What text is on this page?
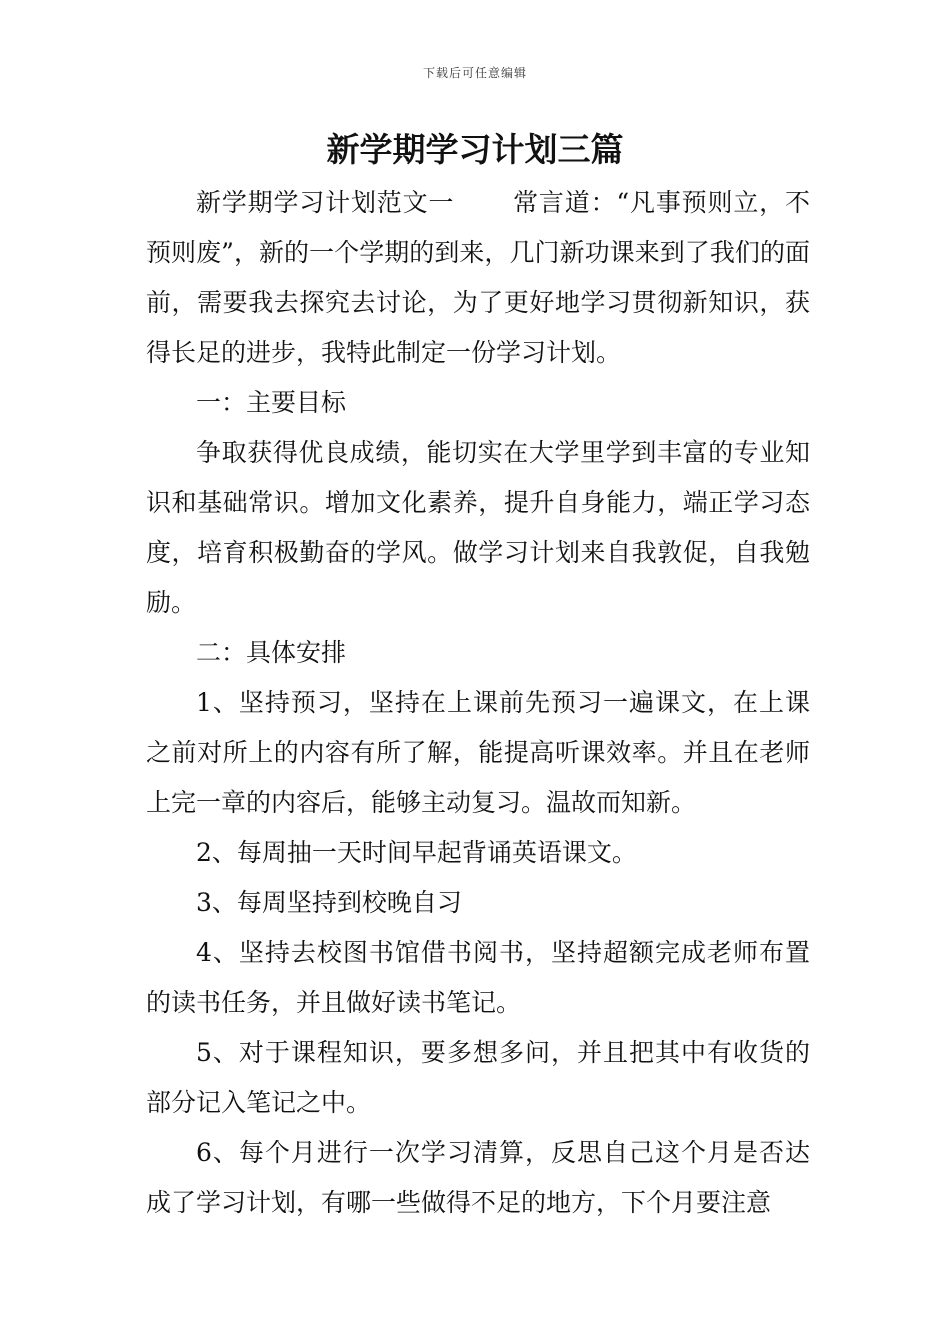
下载后可任意编辑
新学期学习计划三篇

新学期学习计划范文一 常言道：“凡事预则立，不预则废”，新的一个学期的到来，几门新功课来到了我们的面前，需要我去探究去讨论，为了更好地学习贯彻新知识，获得长足的进步，我特此制定一份学习计划。

一：主要目标

争取获得优良成绩，能切实在大学里学到丰富的专业知识和基础常识。增加文化素养，提升自身能力，端正学习态度，培育积极勤奋的学风。做学习计划来自我敦促，自我勉励。

二：具体安排

1、坚持预习，坚持在上课前先预习一遍课文，在上课之前对所上的内容有所了解，能提高听课效率。并且在老师上完一章的内容后，能够主动复习。温故而知新。

2、每周抽一天时间早起背诵英语课文。

3、每周坚持到校晚自习

4、坚持去校图书馆借书阅书，坚持超额完成老师布置的读书任务，并且做好读书笔记。

5、对于课程知识，要多想多问，并且把其中有收货的部分记入笔记之中。

6、每个月进行一次学习清算，反思自己这个月是否达成了学习计划，有哪一些做得不足的地方，下个月要注意
